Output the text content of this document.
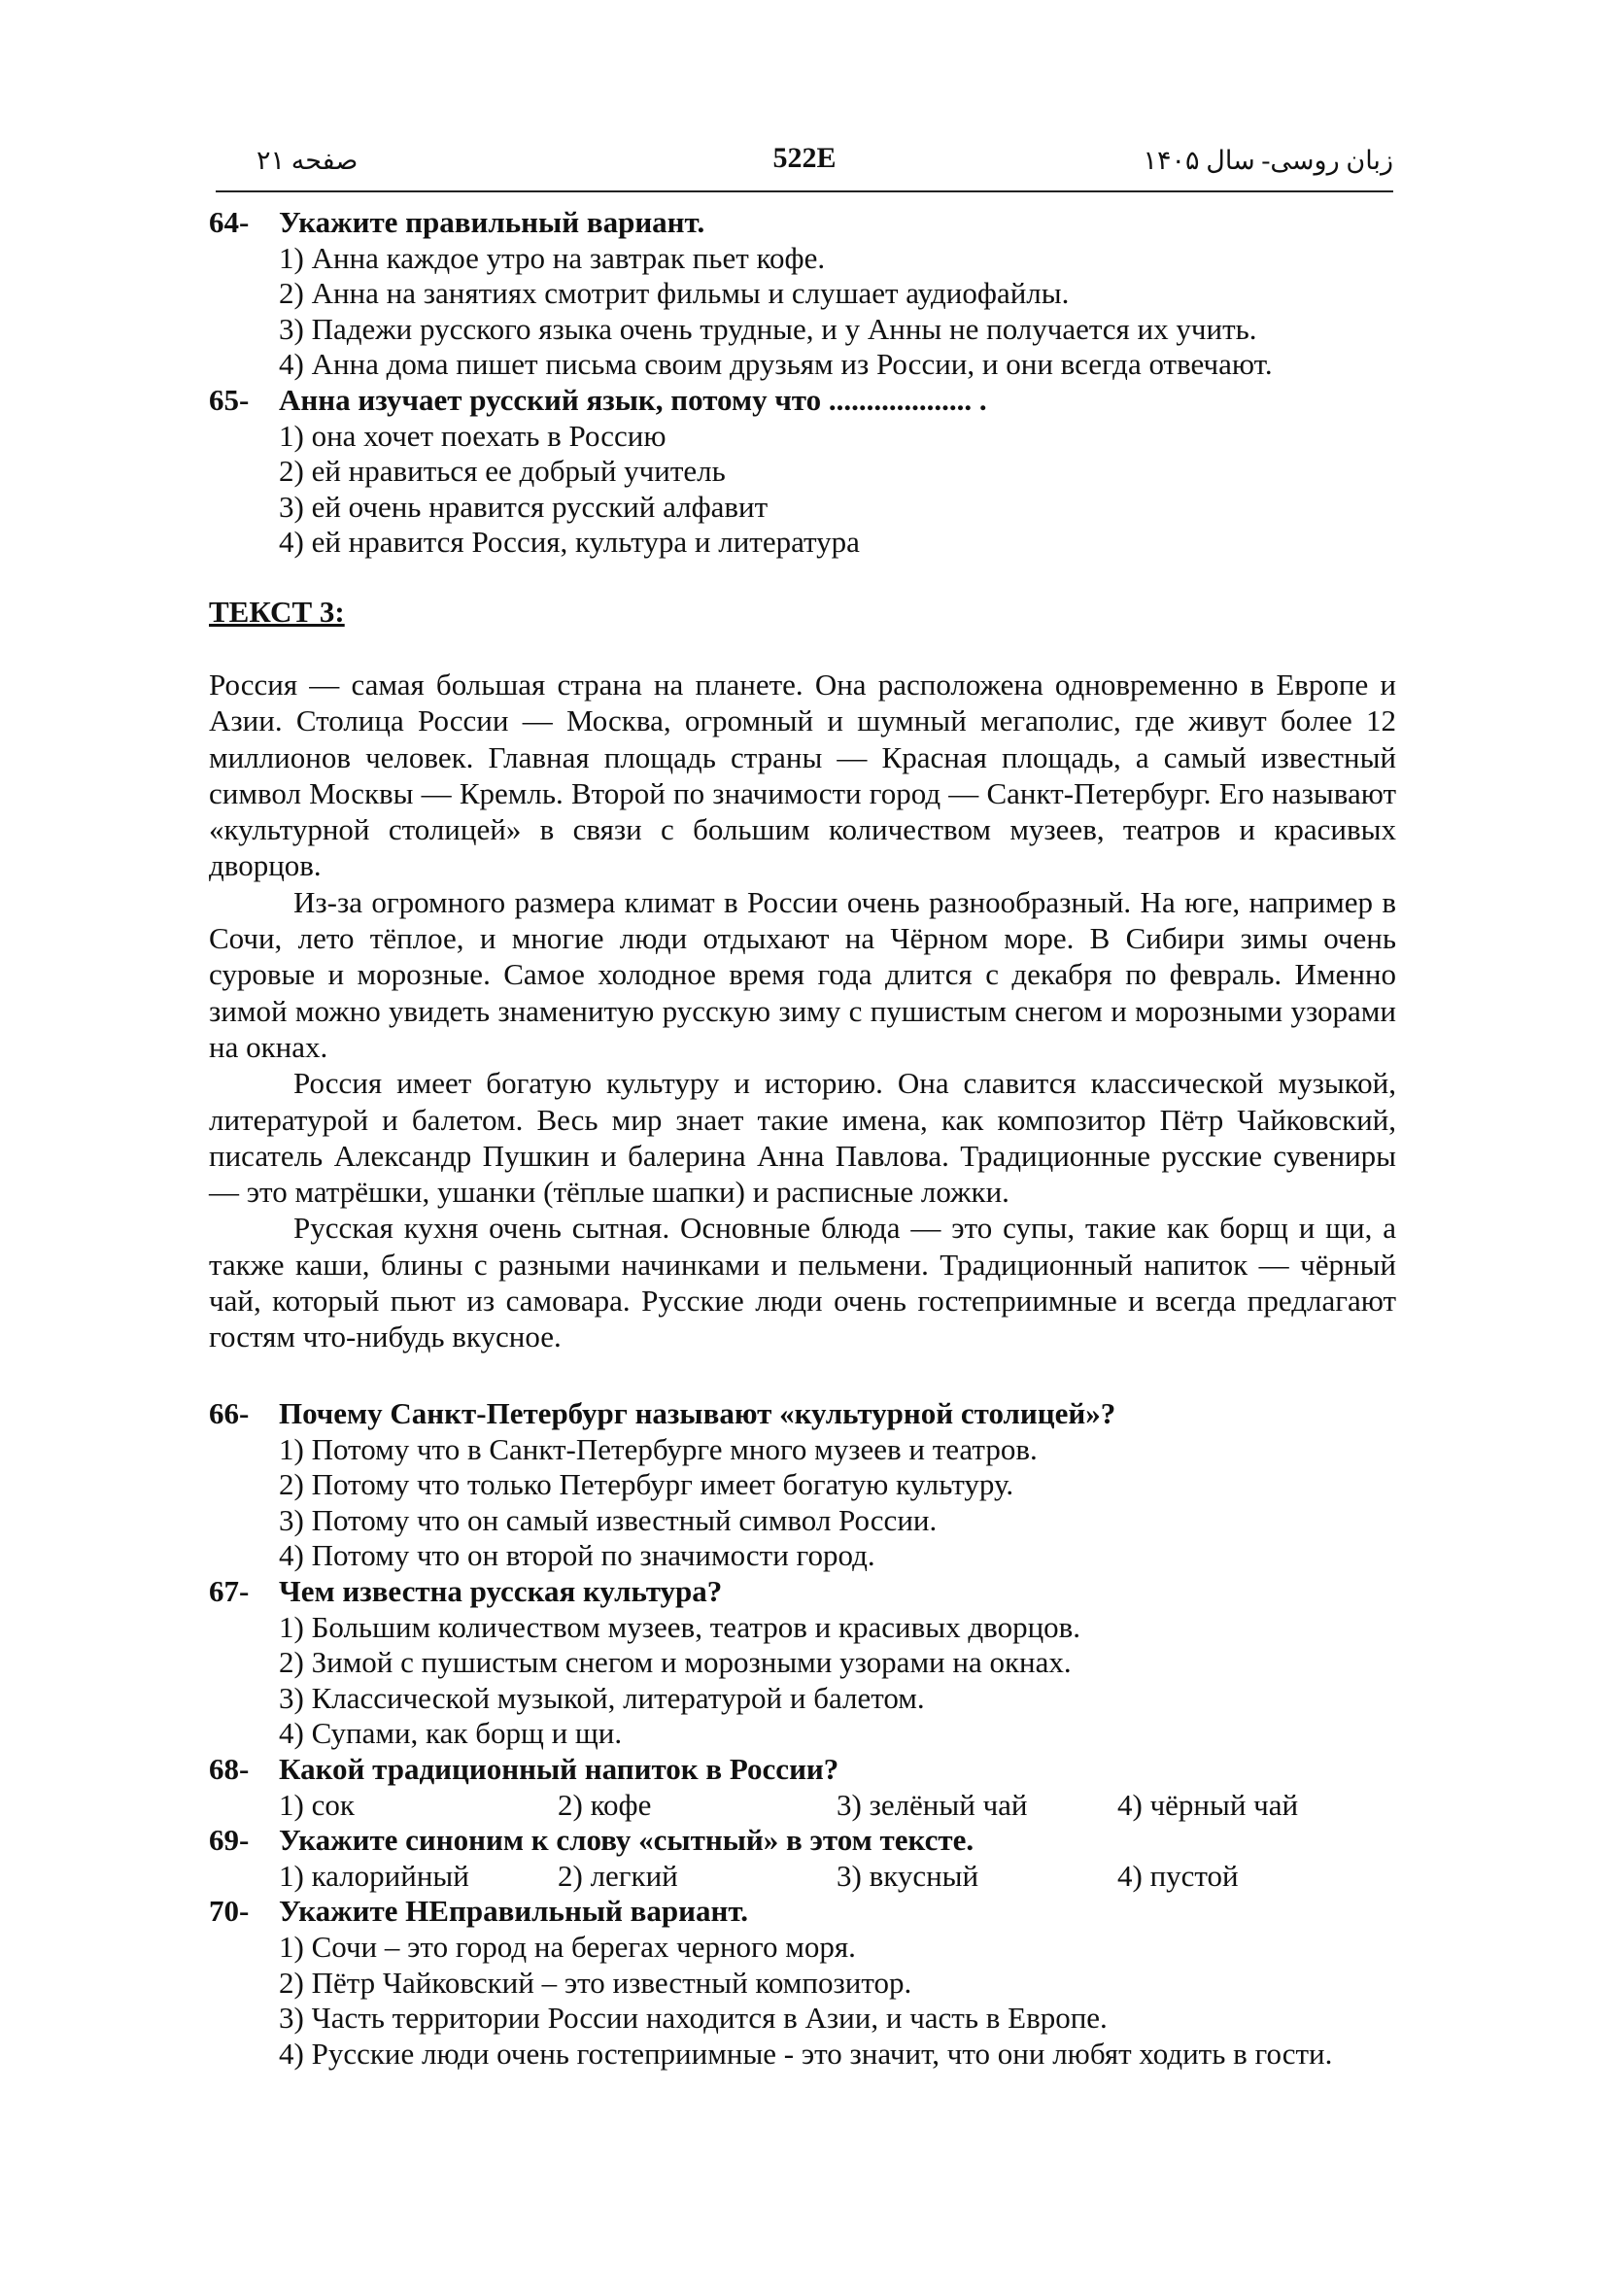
صفحه ۲۱	522E	زبان روسی- سال ۱۴۰۵
64- Укажите правильный вариант.
1) Анна каждое утро на завтрак пьет кофе.
2) Анна на занятиях смотрит фильмы и слушает аудиофайлы.
3) Падежи русского языка очень трудные, и у Анны не получается их учить.
4) Анна дома пишет письма своим друзьям из России, и они всегда отвечают.
65- Анна изучает русский язык, потому что ................... .
1) она хочет поехать в Россию
2) ей нравиться ее добрый учитель
3) ей очень нравится русский алфавит
4) ей нравится Россия, культура и литература
ТЕКСТ 3:

Россия — самая большая страна на планете. Она расположена одновременно в Европе и Азии. Столица России — Москва, огромный и шумный мегаполис, где живут более 12 миллионов человек. Главная площадь страны — Красная площадь, а самый известный символ Москвы — Кремль. Второй по значимости город — Санкт-Петербург. Его называют «культурной столицей» в связи с большим количеством музеев, театров и красивых дворцов.

Из-за огромного размера климат в России очень разнообразный. На юге, например в Сочи, лето тёплое, и многие люди отдыхают на Чёрном море. В Сибири зимы очень суровые и морозные. Самое холодное время года длится с декабря по февраль. Именно зимой можно увидеть знаменитую русскую зиму с пушистым снегом и морозными узорами на окнах.

Россия имеет богатую культуру и историю. Она славится классической музыкой, литературой и балетом. Весь мир знает такие имена, как композитор Пётр Чайковский, писатель Александр Пушкин и балерина Анна Павлова. Традиционные русские сувениры — это матрёшки, ушанки (тёплые шапки) и расписные ложки.

Русская кухня очень сытная. Основные блюда — это супы, такие как борщ и щи, а также каши, блины с разными начинками и пельмени. Традиционный напиток — чёрный чай, который пьют из самовара. Русские люди очень гостеприимные и всегда предлагают гостям что-нибудь вкусное.

66- Почему Санкт-Петербург называют «культурной столицей»?
1) Потому что в Санкт-Петербурге много музеев и театров.
2) Потому что только Петербург имеет богатую культуру.
3) Потому что он самый известный символ России.
4) Потому что он второй по значимости город.
67- Чем известна русская культура?
1) Большим количеством музеев, театров и красивых дворцов.
2) Зимой с пушистым снегом и морозными узорами на окнах.
3) Классической музыкой, литературой и балетом.
4) Супами, как борщ и щи.
68- Какой традиционный напиток в России?
1) сок	2) кофе	3) зелёный чай	4) чёрный чай
69- Укажите синоним к слову «сытный» в этом тексте.
1) калорийный	2) легкий	3) вкусный	4) пустой
70- Укажите НЕправильный вариант.
1) Сочи – это город на берегах черного моря.
2) Пётр Чайковский – это известный композитор.
3) Часть территории России находится в Азии, и часть в Европе.
4) Русские люди очень гостеприимные - это значит, что они любят ходить в гости.
